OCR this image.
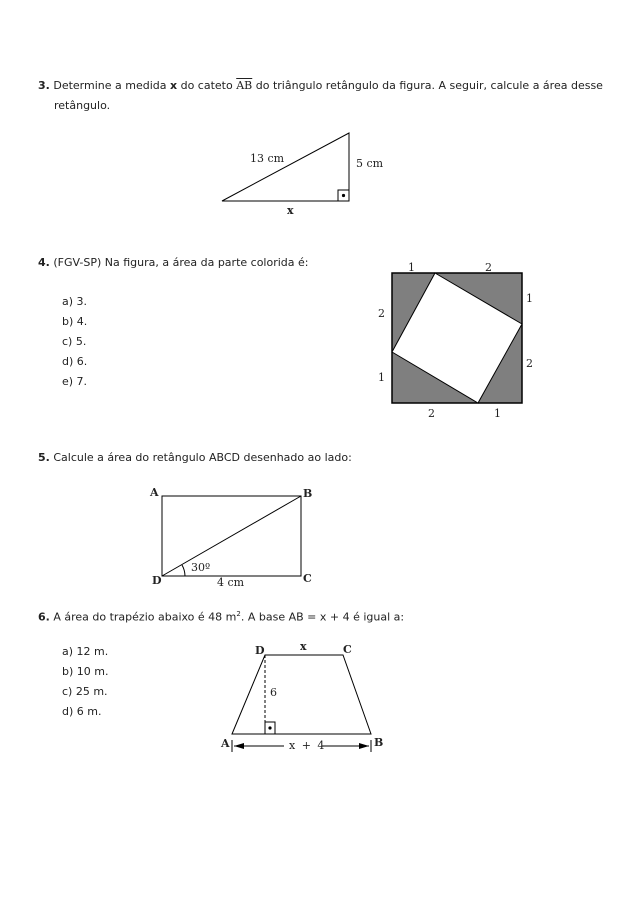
3. Determine a medida x do cateto $\overline{AB}$ do triângulo retângulo da figura. A seguir, calcule a área desse
retângulo.
13 cm	5 cm
x
4. (FGV-SP) Na figura, a área da parte colorida é:
a) 3.
b) 4.
c) 5.
d) 6.
e) 7.
1	2
1
2
2
1
2	1
5. Calcule a área do retângulo ABCD desenhado ao lado:
A	B
C
D
30º
4 cm
6. A área do trapézio abaixo é 48 $m^2$. A base AB = x + 4 é igual a:
a) 12 m.
b) 10 m.
c) 25 m.
d) 6 m.
A	B
C
D	x
6
x + 4
